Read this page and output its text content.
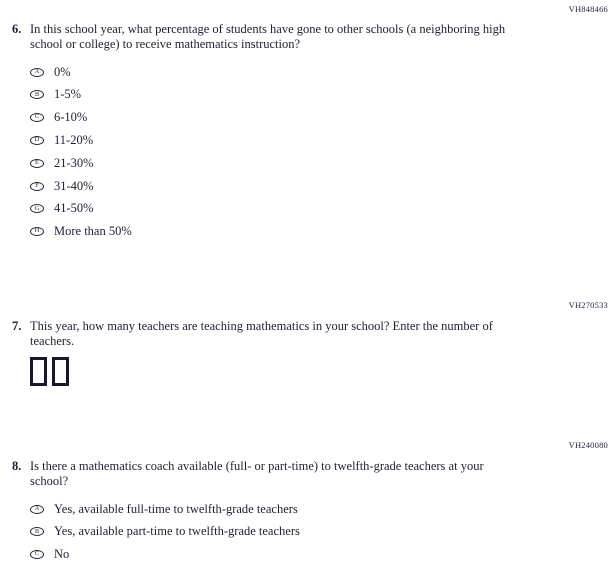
VH848466
VH270533
VH240080
6. In this school year, what percentage of students have gone to other schools (a neighboring high school or college) to receive mathematics instruction?
A	0%
B	1-5%
C	6-10%
D	11-20%
E	21-30%
F	31-40%
G	41-50%
H	More than 50%
7. This year, how many teachers are teaching mathematics in your school? Enter the number of teachers.
8. Is there a mathematics coach available (full- or part-time) to twelfth-grade teachers at your school?
A	Yes, available full-time to twelfth-grade teachers
B	Yes, available part-time to twelfth-grade teachers
C	No
